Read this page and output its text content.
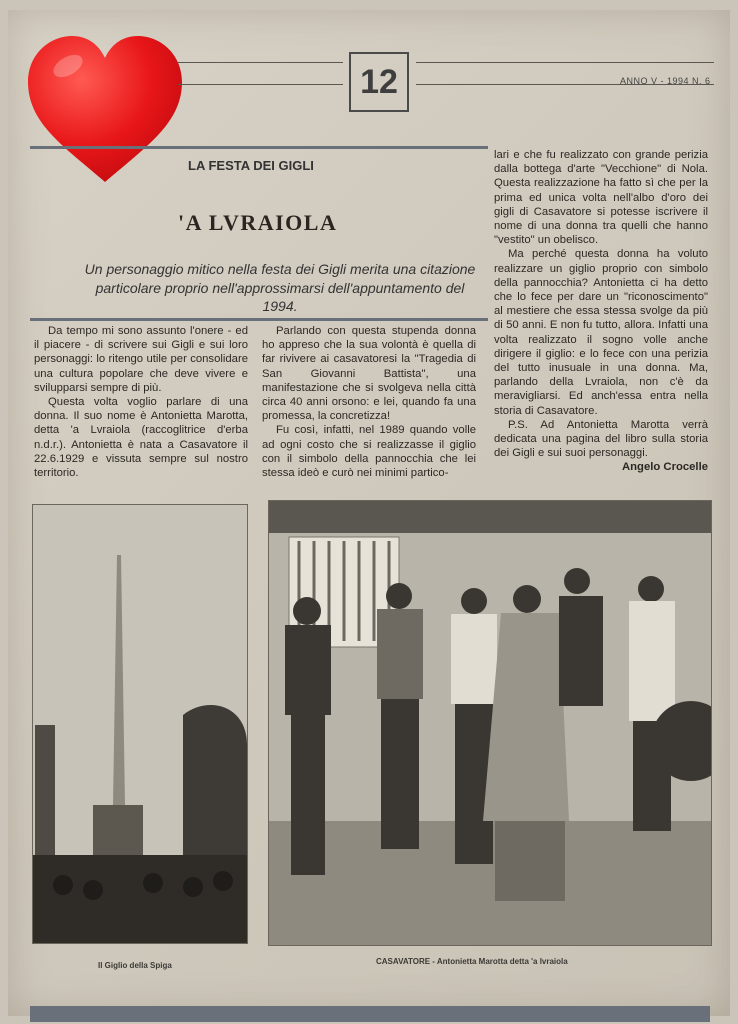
12	ANNO V - 1994 N. 6
LA FESTA DEI GIGLI
'A LVRAIOLA
Un personaggio mitico nella festa dei Gigli merita una citazione particolare proprio nell'approssimarsi dell'appuntamento del 1994.

Da tempo mi sono assunto l'onere - ed il piacere - di scrivere sui Gigli e sui loro personaggi: lo ritengo utile per consolidare una cultura popolare che deve vivere e svilupparsi sempre di più.

Questa volta voglio parlare di una donna. Il suo nome è Antonietta Marotta, detta 'a Lvraiola (raccoglitrice d'erba n.d.r.). Antonietta è nata a Casavatore il 22.6.1929 e vissuta sempre sul nostro territorio.

Parlando con questa stupenda donna ho appreso che la sua volontà è quella di far rivivere ai casavatoresi la "Tragedia di San Giovanni Battista", una manifestazione che si svolgeva nella città circa 40 anni orsono: e lei, quando fa una promessa, la concretizza!

Fu così, infatti, nel 1989 quando volle ad ogni costo che si realizzasse il giglio con il simbolo della pannocchia che lei stessa ideò e curò nei minimi partico-

lari e che fu realizzato con grande perizia dalla bottega d'arte "Vecchione" di Nola. Questa realizzazione ha fatto sì che per la prima ed unica volta nell'albo d'oro dei gigli di Casavatore si potesse iscrivere il nome di una donna tra quelli che hanno "vestito" un obelisco.

Ma perché questa donna ha voluto realizzare un giglio proprio con simbolo della pannocchia? Antonietta ci ha detto che lo fece per dare un "riconoscimento" al mestiere che essa stessa svolge da più di 50 anni. E non fu tutto, allora. Infatti una volta realizzato il sogno volle anche dirigere il giglio: e lo fece con una perizia del tutto inusuale in una donna. Ma, parlando della Lvraiola, non c'è da meravigliarsi. Ed anch'essa entra nella storia di Casavatore.

P.S. Ad Antonietta Marotta verrà dedicata una pagina del libro sulla storia dei Gigli e sui suoi personaggi.

Angelo Crocelle

Il Giglio della Spiga	CASAVATORE - Antonietta Marotta detta 'a lvraiola
